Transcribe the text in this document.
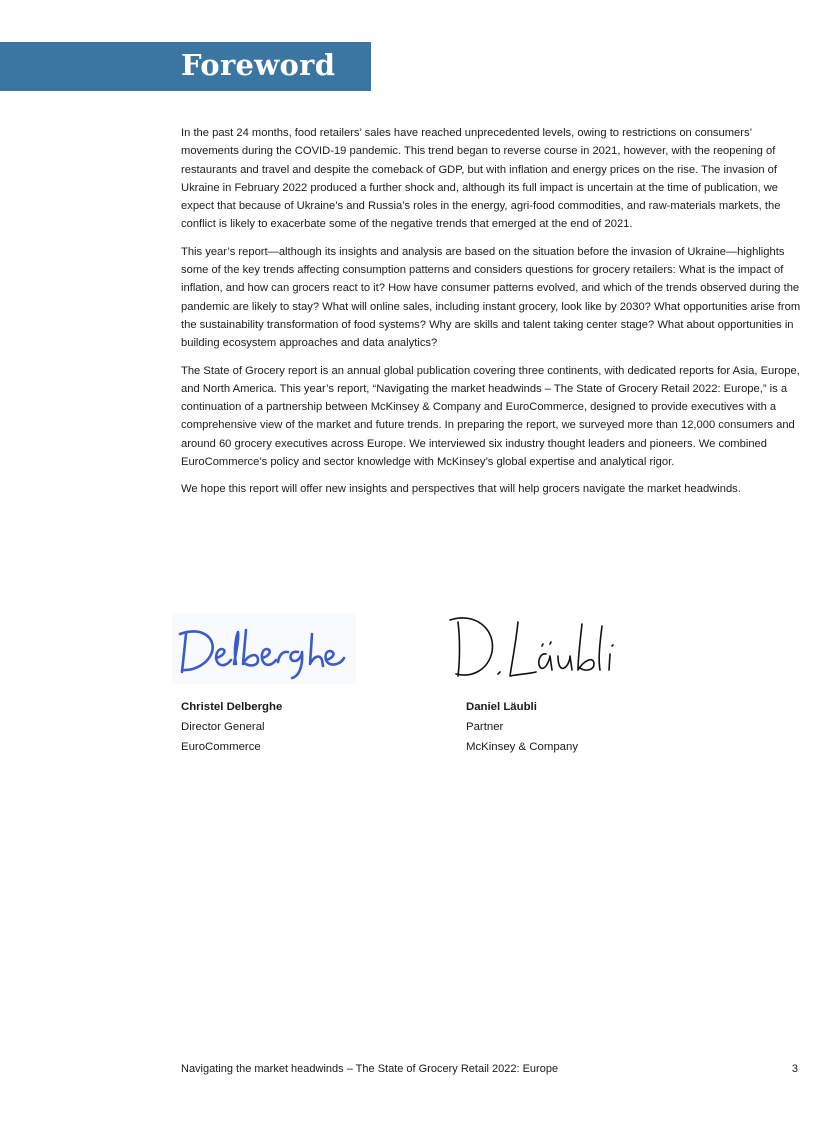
Foreword

In the past 24 months, food retailers’ sales have reached unprecedented levels, owing to restrictions on consumers’ movements during the COVID-19 pandemic. This trend began to reverse course in 2021, however, with the reopening of restaurants and travel and despite the comeback of GDP, but with inflation and energy prices on the rise. The invasion of Ukraine in February 2022 produced a further shock and, although its full impact is uncertain at the time of publication, we expect that because of Ukraine’s and Russia’s roles in the energy, agri-food commodities, and raw-materials markets, the conflict is likely to exacerbate some of the negative trends that emerged at the end of 2021.

This year’s report—although its insights and analysis are based on the situation before the invasion of Ukraine—highlights some of the key trends affecting consumption patterns and considers questions for grocery retailers: What is the impact of inflation, and how can grocers react to it? How have consumer patterns evolved, and which of the trends observed during the pandemic are likely to stay? What will online sales, including instant grocery, look like by 2030? What opportunities arise from the sustainability transformation of food systems? Why are skills and talent taking center stage? What about opportunities in building ecosystem approaches and data analytics?

The State of Grocery report is an annual global publication covering three continents, with dedicated reports for Asia, Europe, and North America. This year’s report, “Navigating the market headwinds – The State of Grocery Retail 2022: Europe,” is a continuation of a partnership between McKinsey & Company and EuroCommerce, designed to provide executives with a comprehensive view of the market and future trends. In preparing the report, we surveyed more than 12,000 consumers and around 60 grocery executives across Europe. We interviewed six industry thought leaders and pioneers. We combined EuroCommerce’s policy and sector knowledge with McKinsey’s global expertise and analytical rigor.

We hope this report will offer new insights and perspectives that will help grocers navigate the market headwinds.

Christel Delberghe
Director General
EuroCommerce
Daniel Läubli
Partner
McKinsey & Company
Navigating the market headwinds – The State of Grocery Retail 2022: Europe	3
